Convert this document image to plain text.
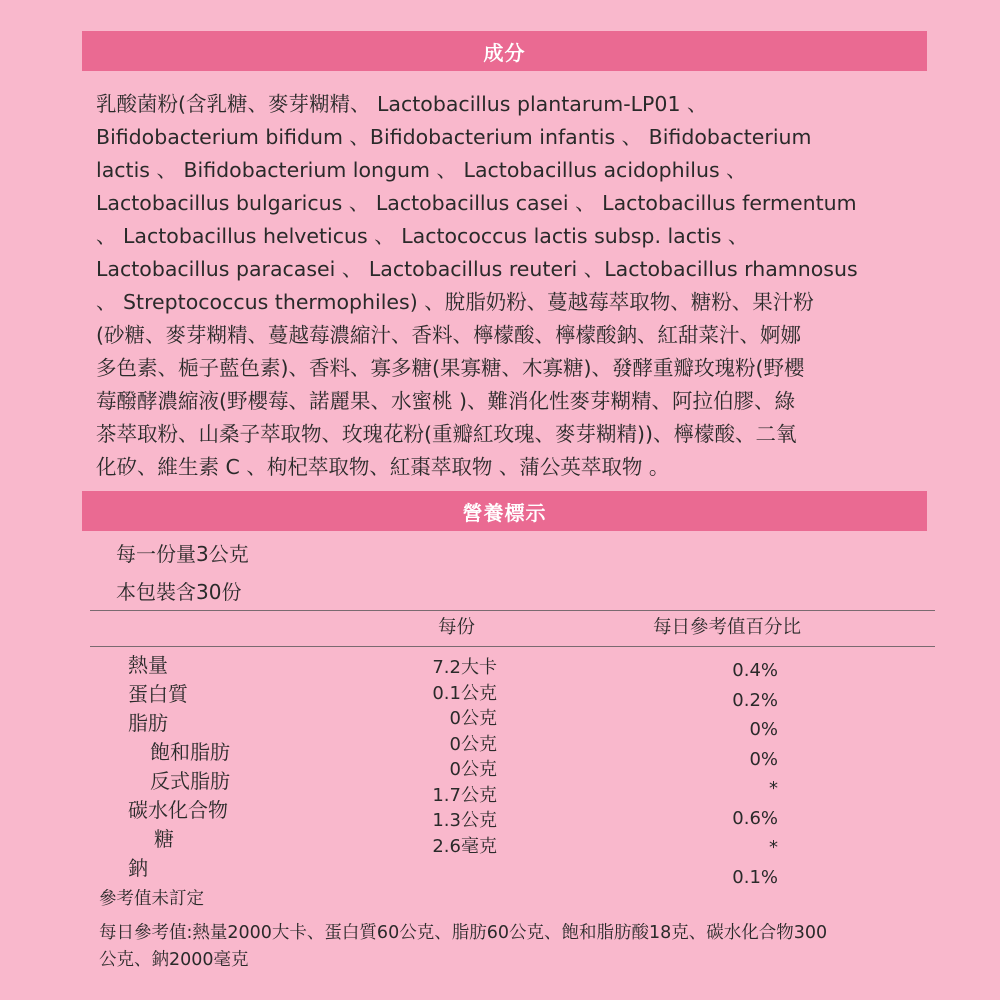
成分
乳酸菌粉(含乳糖、麥芽糊精、 Lactobacillus plantarum-LP01 、
Bifidobacterium bifidum 、Bifidobacterium infantis 、 Bifidobacterium
lactis 、 Bifidobacterium longum 、 Lactobacillus acidophilus 、
Lactobacillus bulgaricus 、 Lactobacillus casei 、 Lactobacillus fermentum
、 Lactobacillus helveticus 、 Lactococcus lactis subsp. lactis 、
Lactobacillus paracasei 、 Lactobacillus reuteri 、Lactobacillus rhamnosus
、 Streptococcus thermophiles) 、脫脂奶粉、蔓越莓萃取物、糖粉、果汁粉
(砂糖、麥芽糊精、蔓越莓濃縮汁、香料、檸檬酸、檸檬酸鈉、紅甜菜汁、婀娜
多色素、梔子藍色素)、香料、寡多糖(果寡糖、木寡糖)、發酵重瓣玫瑰粉(野櫻
莓醱酵濃縮液(野櫻莓、諾麗果、水蜜桃 )、難消化性麥芽糊精、阿拉伯膠、綠
茶萃取粉、山桑子萃取物、玫瑰花粉(重瓣紅玫瑰、麥芽糊精))、檸檬酸、二氧
化矽、維生素 C 、枸杞萃取物、紅棗萃取物 、蒲公英萃取物 。
營養標示
每一份量3公克
本包裝含30份
每份	每日參考值百分比
熱量
蛋白質
脂肪
飽和脂肪
反式脂肪
碳水化合物
糖
鈉
7.2大卡
0.1公克
0公克
0公克
0公克
1.7公克
1.3公克
2.6毫克
0.4%
0.2%
0%
0%
*
0.6%
*
0.1%
參考值未訂定
每日參考值:熱量2000大卡、蛋白質60公克、脂肪60公克、飽和脂肪酸18克、碳水化合物300
公克、鈉2000毫克
